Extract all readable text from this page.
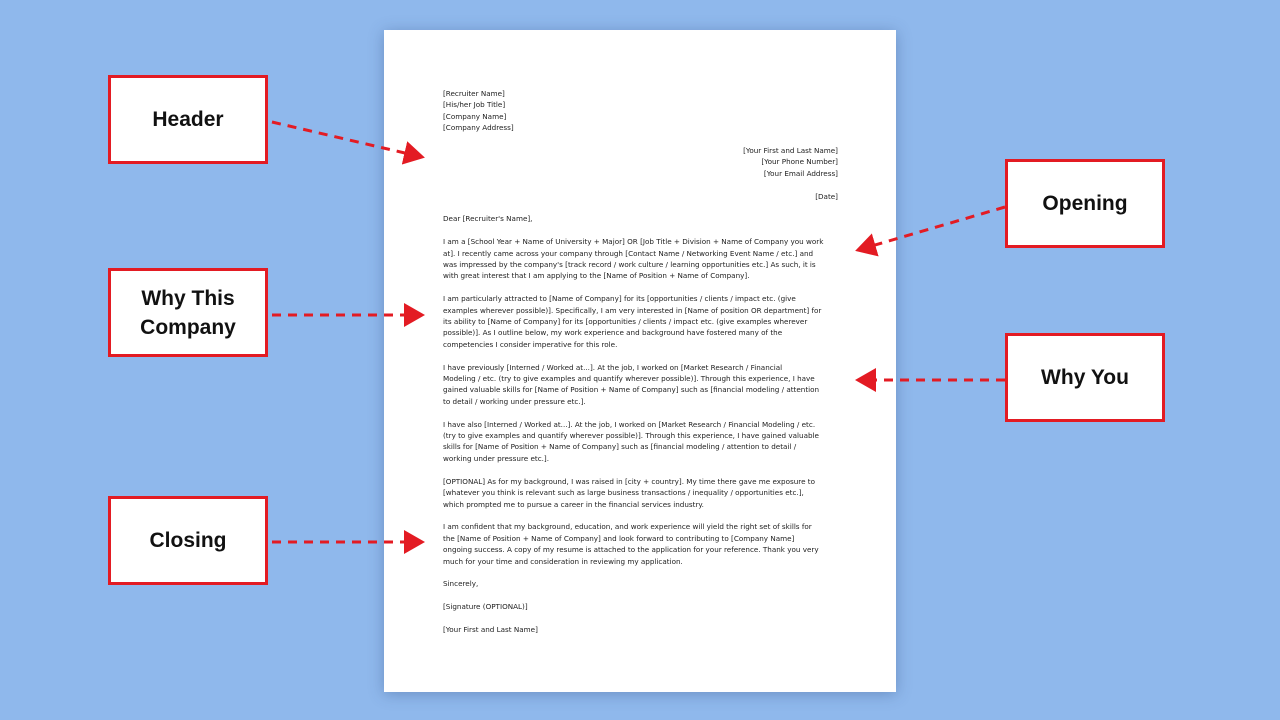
[Recruiter Name]
[His/her Job Title]
[Company Name]
[Company Address]
[Your First and Last Name]
[Your Phone Number]
[Your Email Address]
[Date]
Dear [Recruiter's Name],
I am a [School Year + Name of University + Major] OR [Job Title + Division + Name of Company you work
at]. I recently came across your company through [Contact Name / Networking Event Name / etc.] and
was impressed by the company's [track record / work culture / learning opportunities etc.] As such, it is
with great interest that I am applying to the [Name of Position + Name of Company].
I am particularly attracted to [Name of Company] for its [opportunities / clients / impact etc. (give
examples wherever possible)]. Specifically, I am very interested in [Name of position OR department] for
its ability to [Name of Company] for its [opportunities / clients / impact etc. (give examples wherever
possible)]. As I outline below, my work experience and background have fostered many of the
competencies I consider imperative for this role.
I have previously [Interned / Worked at...]. At the job, I worked on [Market Research / Financial
Modeling / etc. (try to give examples and quantify wherever possible)]. Through this experience, I have
gained valuable skills for [Name of Position + Name of Company] such as [financial modeling / attention
to detail / working under pressure etc.].
I have also [Interned / Worked at...]. At the job, I worked on [Market Research / Financial Modeling / etc.
(try to give examples and quantify wherever possible)]. Through this experience, I have gained valuable
skills for [Name of Position + Name of Company] such as [financial modeling / attention to detail /
working under pressure etc.].
[OPTIONAL] As for my background, I was raised in [city + country]. My time there gave me exposure to
[whatever you think is relevant such as large business transactions / inequality / opportunities etc.],
which prompted me to pursue a career in the financial services industry.
I am confident that my background, education, and work experience will yield the right set of skills for
the [Name of Position + Name of Company] and look forward to contributing to [Company Name]
ongoing success. A copy of my resume is attached to the application for your reference. Thank you very
much for your time and consideration in reviewing my application.
Sincerely,
[Signature (OPTIONAL)]
[Your First and Last Name]
Header
Why This
Company
Closing
Opening
Why You
